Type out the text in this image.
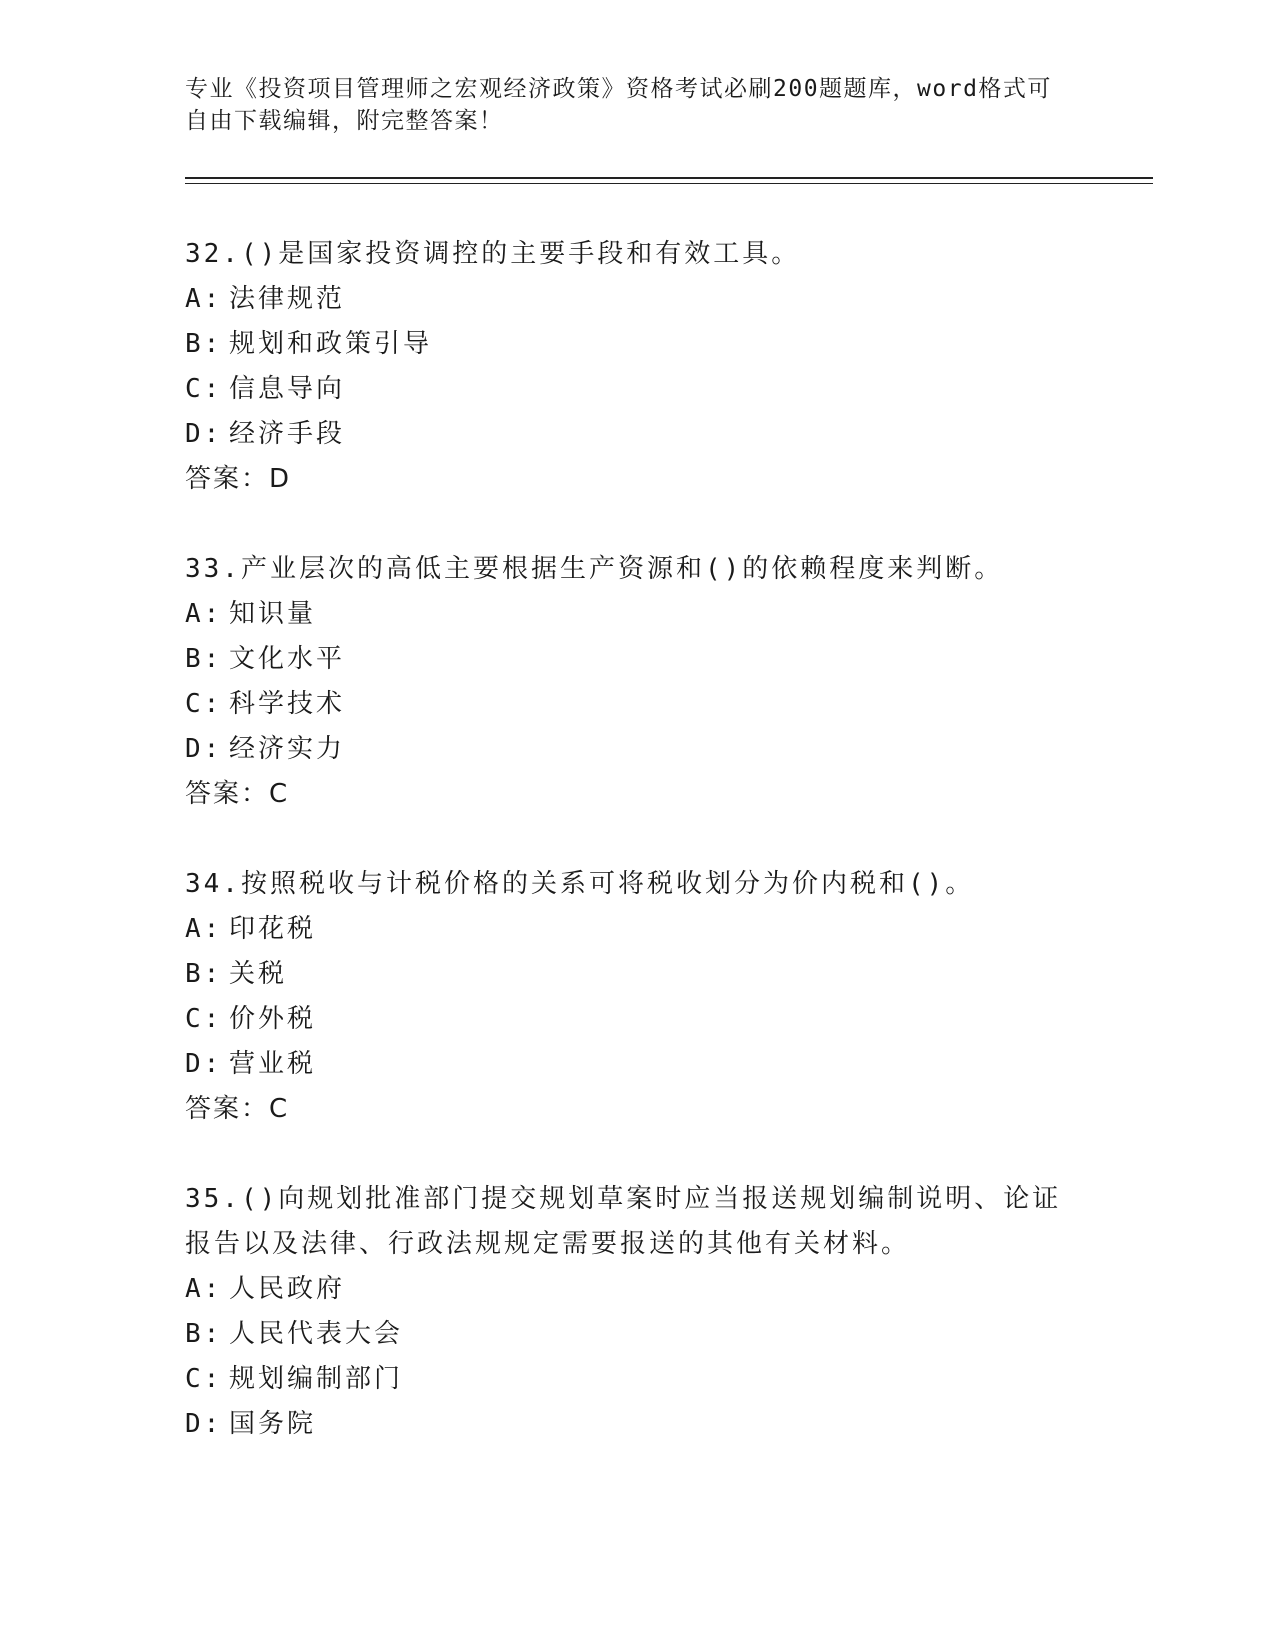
专业《投资项目管理师之宏观经济政策》资格考试必刷200题题库，word格式可
自由下载编辑，附完整答案！
32.()是国家投资调控的主要手段和有效工具。
A: 法律规范
B: 规划和政策引导
C: 信息导向
D: 经济手段
答案：D
33.产业层次的高低主要根据生产资源和()的依赖程度来判断。
A: 知识量
B: 文化水平
C: 科学技术
D: 经济实力
答案：C
34.按照税收与计税价格的关系可将税收划分为价内税和()。
A: 印花税
B: 关税
C: 价外税
D: 营业税
答案：C
35.()向规划批准部门提交规划草案时应当报送规划编制说明、论证报告以及法律、行政法规规定需要报送的其他有关材料。
A: 人民政府
B: 人民代表大会
C: 规划编制部门
D: 国务院
